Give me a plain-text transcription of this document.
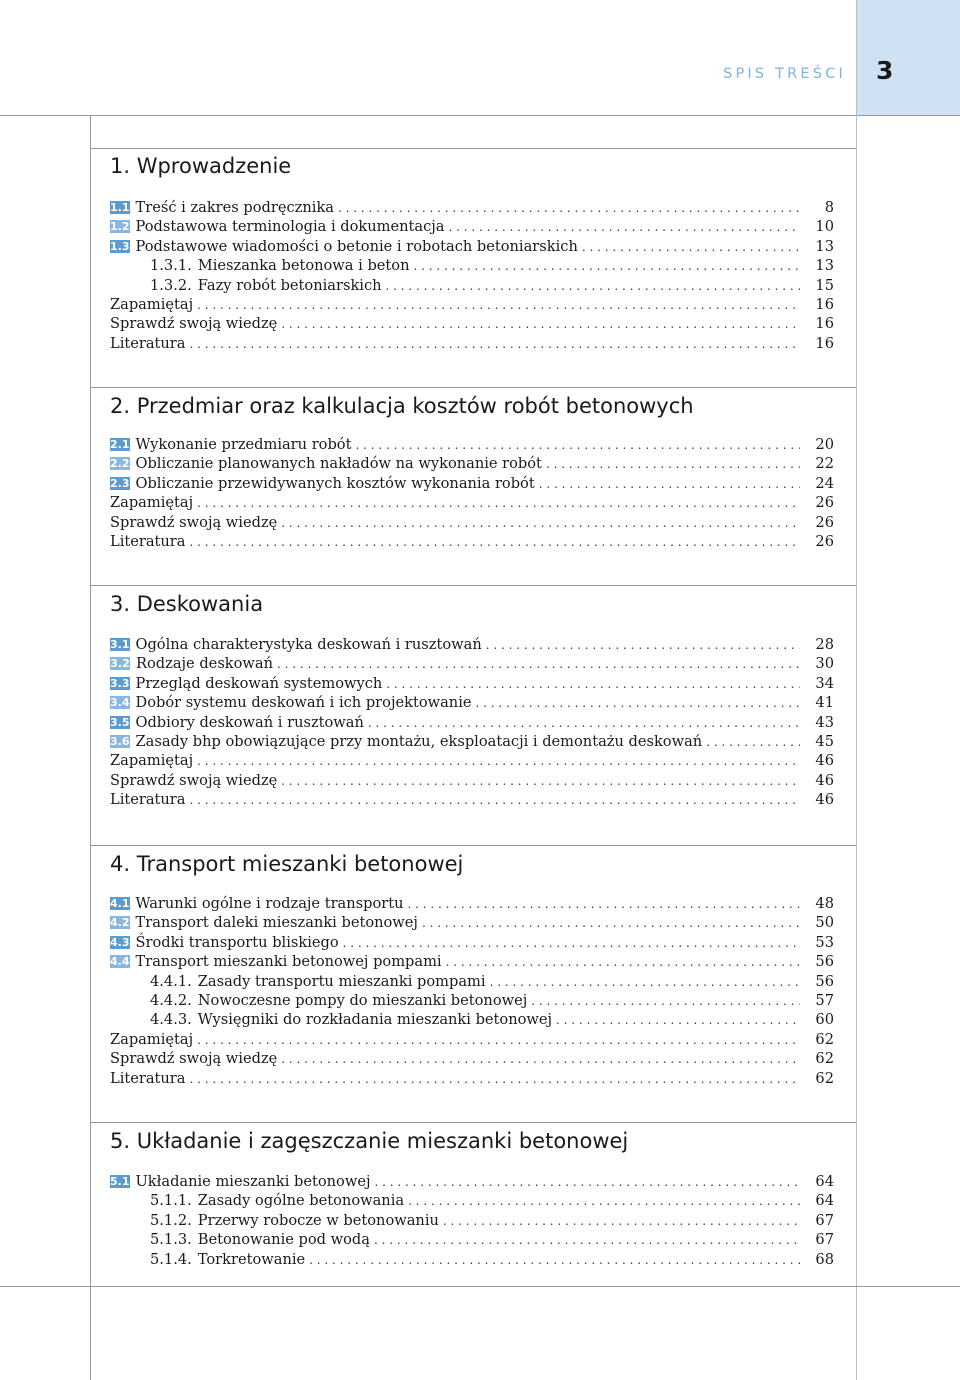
SPIS TREŚCI 3
1. Wprowadzenie
1.1 Treść i zakres podręcznika . . .	8
1.2 Podstawowa terminologia i dokumentacja . . .	10
1.3 Podstawowe wiadomości o betonie i robotach betoniarskich . . .	13
1.3.1. Mieszanka betonowa i beton . . .	13
1.3.2. Fazy robót betoniarskich . . .	15
Zapamiętaj . . .	16
Sprawdź swoją wiedzę . . .	16
Literatura . . .	16
2. Przedmiar oraz kalkulacja kosztów robót betonowych
2.1 Wykonanie przedmiaru robót . . .	20
2.2 Obliczanie planowanych nakładów na wykonanie robót . . .	22
2.3 Obliczanie przewidywanych kosztów wykonania robót . . .	24
Zapamiętaj . . .	26
Sprawdź swoją wiedzę . . .	26
Literatura . . .	26
3. Deskowania
3.1 Ogólna charakterystyka deskowań i rusztowań . . .	28
3.2 Rodzaje deskowań . . .	30
3.3 Przegląd deskowań systemowych . . .	34
3.4 Dobór systemu deskowań i ich projektowanie . . .	41
3.5 Odbiory deskowań i rusztowań . . .	43
3.6 Zasady bhp obowiązujące przy montażu, eksploatacji i demontażu deskowań . . .	45
Zapamiętaj . . .	46
Sprawdź swoją wiedzę . . .	46
Literatura . . .	46
4. Transport mieszanki betonowej
4.1 Warunki ogólne i rodzaje transportu . . .	48
4.2 Transport daleki mieszanki betonowej . . .	50
4.3 Środki transportu bliskiego . . .	53
4.4 Transport mieszanki betonowej pompami . . .	56
4.4.1. Zasady transportu mieszanki pompami . . .	56
4.4.2. Nowoczesne pompy do mieszanki betonowej . . .	57
4.4.3. Wysięgniki do rozkładania mieszanki betonowej . . .	60
Zapamiętaj . . .	62
Sprawdź swoją wiedzę . . .	62
Literatura . . .	62
5. Układanie i zagęszczanie mieszanki betonowej
5.1 Układanie mieszanki betonowej . . .	64
5.1.1. Zasady ogólne betonowania . . .	64
5.1.2. Przerwy robocze w betonowaniu . . .	67
5.1.3. Betonowanie pod wodą . . .	67
5.1.4. Torkretowanie . . .	68
